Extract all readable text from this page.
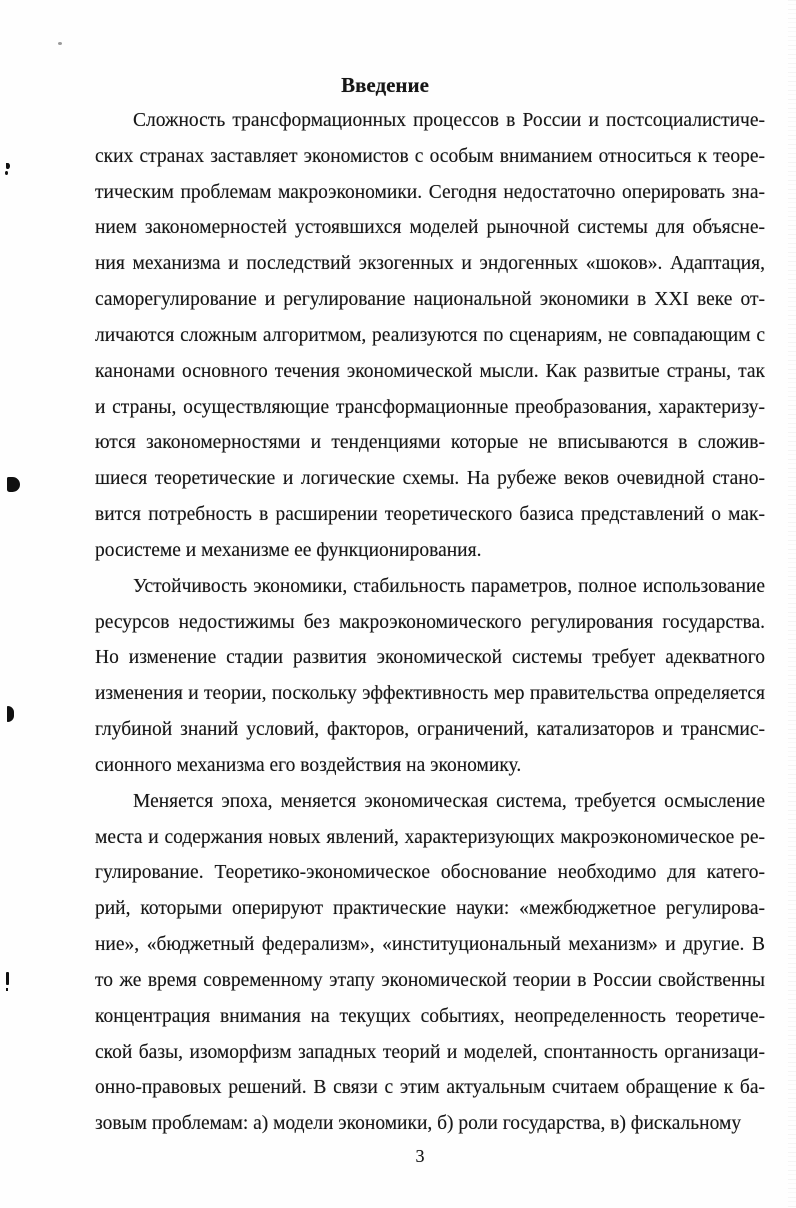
Введение
Сложность трансформационных процессов в России и постсоциалистиче-
ских странах заставляет экономистов с особым вниманием относиться к теоре-
тическим проблемам макроэкономики. Сегодня недостаточно оперировать зна-
нием закономерностей устоявшихся моделей рыночной системы для объясне-
ния механизма и последствий экзогенных и эндогенных «шоков». Адаптация,
саморегулирование и регулирование национальной экономики в XXI веке от-
личаются сложным алгоритмом, реализуются по сценариям, не совпадающим с
канонами основного течения экономической мысли. Как развитые страны, так
и страны, осуществляющие трансформационные преобразования, характеризу-
ются закономерностями и тенденциями которые не вписываются в сложив-
шиеся теоретические и логические схемы. На рубеже веков очевидной стано-
вится потребность в расширении теоретического базиса представлений о мак-
росистеме и механизме ее функционирования.
Устойчивость экономики, стабильность параметров, полное использование
ресурсов недостижимы без макроэкономического регулирования государства.
Но изменение стадии развития экономической системы требует адекватного
изменения и теории, поскольку эффективность мер правительства определяется
глубиной знаний условий, факторов, ограничений, катализаторов и трансмис-
сионного механизма его воздействия на экономику.
Меняется эпоха, меняется экономическая система, требуется осмысление
места и содержания новых явлений, характеризующих макроэкономическое ре-
гулирование. Теоретико-экономическое обоснование необходимо для катего-
рий, которыми оперируют практические науки: «межбюджетное регулирова-
ние», «бюджетный федерализм», «институциональный механизм» и другие. В
то же время современному этапу экономической теории в России свойственны
концентрация внимания на текущих событиях, неопределенность теоретиче-
ской базы, изоморфизм западных теорий и моделей, спонтанность организаци-
онно-правовых решений. В связи с этим актуальным считаем обращение к ба-
зовым проблемам: а) модели экономики, б) роли государства, в) фискальному
3
